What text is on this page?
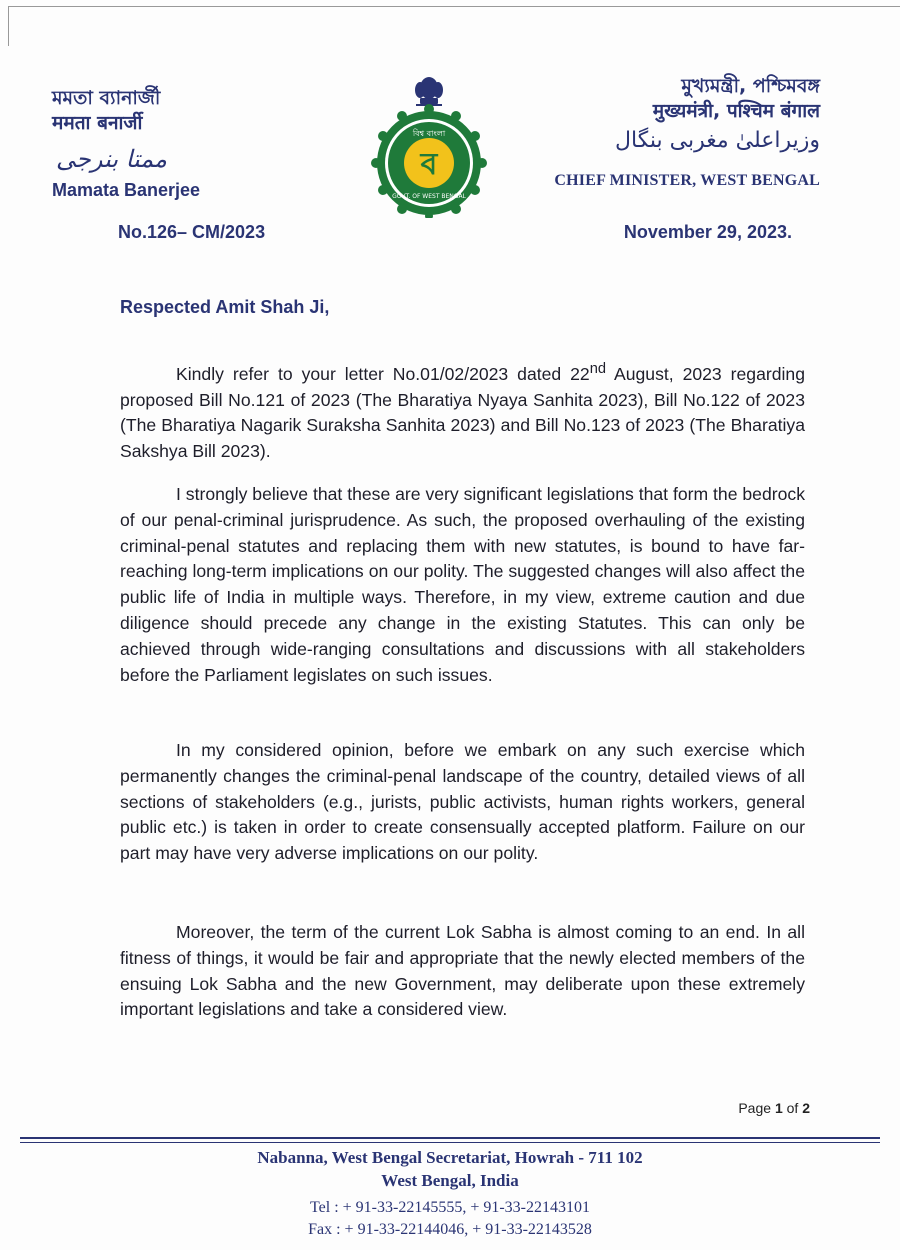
মমতা ব্যানার্জী
ममता बनार्जी
ممتا بنرجی
Mamata Banerjee
No.126– CM/2023
ব
বিশ্ব বাংলা
GOVT. OF WEST BENGAL
মুখ্যমন্ত্রী, পশ্চিমবঙ্গ
मुख्यमंत्री, पश्चिम बंगाल
وزیراعلیٰ مغربی بنگال
CHIEF MINISTER, WEST BENGAL
November 29, 2023.
Respected Amit Shah Ji,

Kindly refer to your letter No.01/02/2023 dated 22nd August, 2023 regarding proposed Bill No.121 of 2023 (The Bharatiya Nyaya Sanhita 2023), Bill No.122 of 2023 (The Bharatiya Nagarik Suraksha Sanhita 2023) and Bill No.123 of 2023 (The Bharatiya Sakshya Bill 2023).

I strongly believe that these are very significant legislations that form the bedrock of our penal-criminal jurisprudence. As such, the proposed overhauling of the existing criminal-penal statutes and replacing them with new statutes, is bound to have far-reaching long-term implications on our polity. The suggested changes will also affect the public life of India in multiple ways. Therefore, in my view, extreme caution and due diligence should precede any change in the existing Statutes. This can only be achieved through wide-ranging consultations and discussions with all stakeholders before the Parliament legislates on such issues.

In my considered opinion, before we embark on any such exercise which permanently changes the criminal-penal landscape of the country, detailed views of all sections of stakeholders (e.g., jurists, public activists, human rights workers, general public etc.) is taken in order to create consensually accepted platform. Failure on our part may have very adverse implications on our polity.

Moreover, the term of the current Lok Sabha is almost coming to an end. In all fitness of things, it would be fair and appropriate that the newly elected members of the ensuing Lok Sabha and the new Government, may deliberate upon these extremely important legislations and take a considered view.

Page 1 of 2
Nabanna, West Bengal Secretariat, Howrah - 711 102
West Bengal, India
Tel : + 91-33-22145555, + 91-33-22143101
Fax : + 91-33-22144046, + 91-33-22143528
